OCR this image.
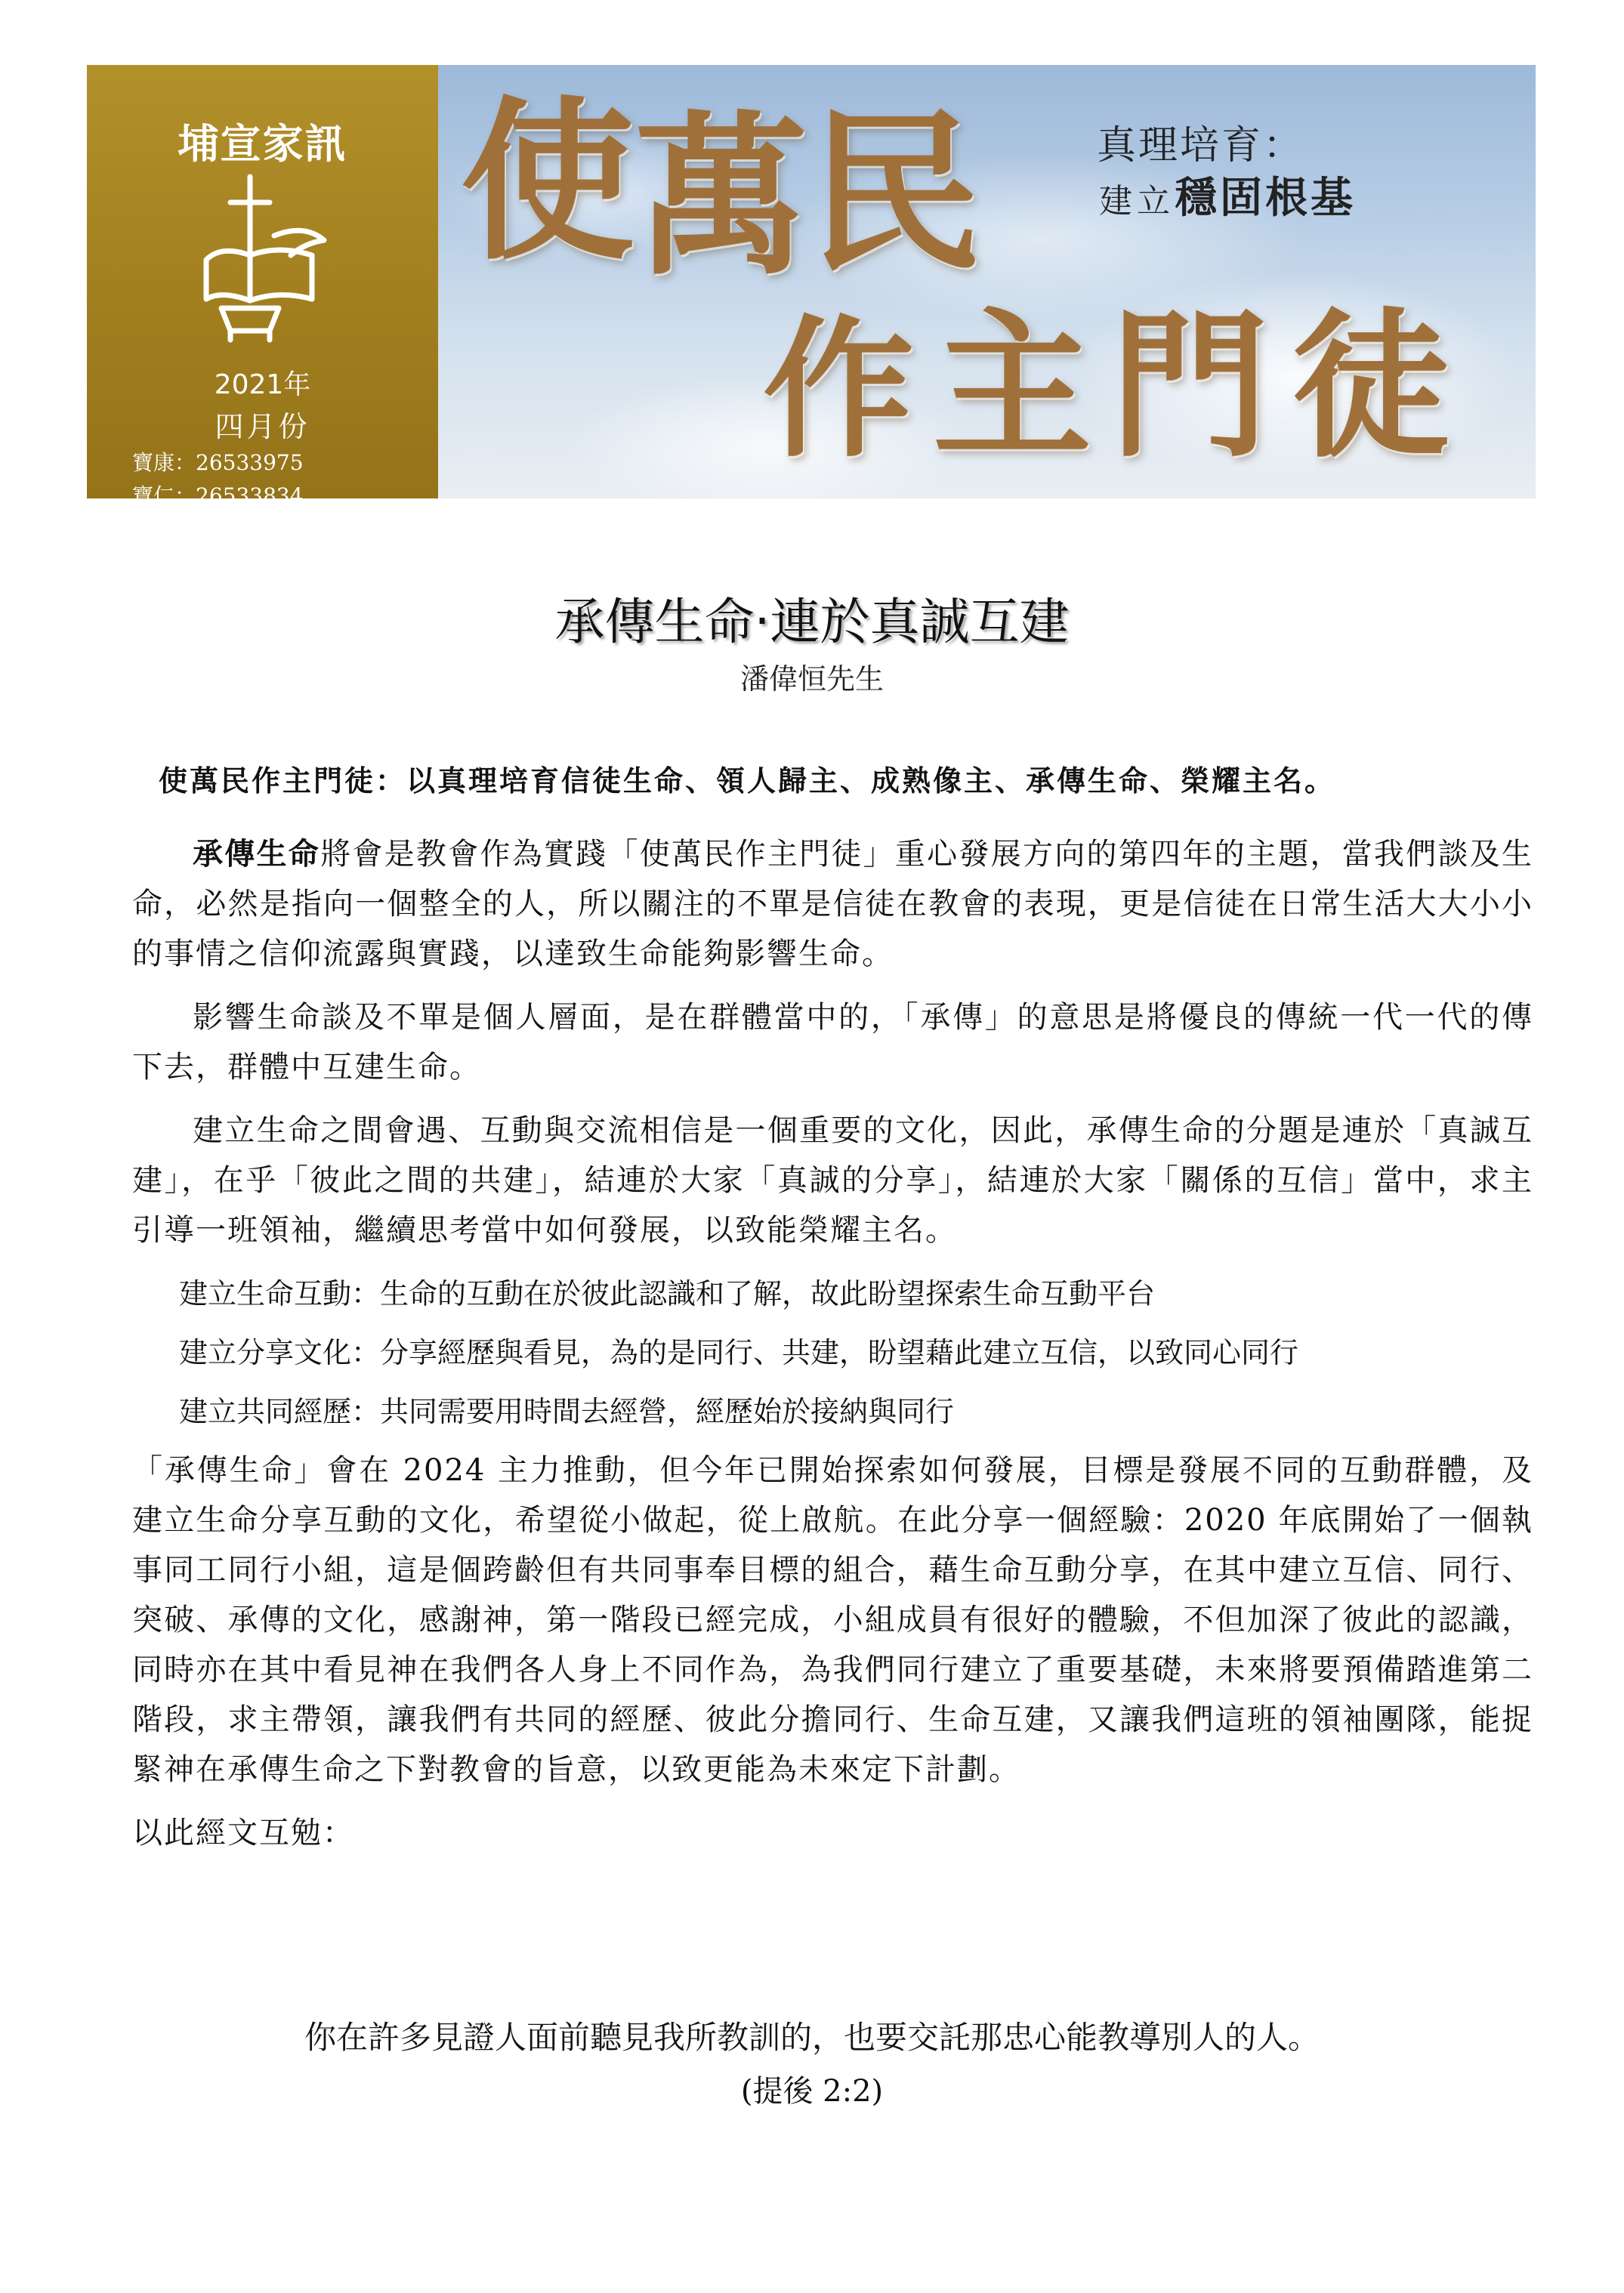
埔宣家訊
2021年
四月份
寶康：26533975
寶仁：26533834
網址：www.tpmac.org
使 萬 民
作 主 門 徒
真理培育：
建立穩固根基
承傳生命‧連於真誠互建
潘偉恒先生
使萬民作主門徒：以真理培育信徒生命、領人歸主、成熟像主、承傳生命、榮耀主名。

承傳生命將會是教會作為實踐「使萬民作主門徒」重心發展方向的第四年的主題，當我們談及生命，必然是指向一個整全的人，所以關注的不單是信徒在教會的表現，更是信徒在日常生活大大小小的事情之信仰流露與實踐，以達致生命能夠影響生命。

影響生命談及不單是個人層面，是在群體當中的，「承傳」的意思是將優良的傳統一代一代的傳下去，群體中互建生命。

建立生命之間會遇、互動與交流相信是一個重要的文化，因此，承傳生命的分題是連於「真誠互建」，在乎「彼此之間的共建」，結連於大家「真誠的分享」，結連於大家「關係的互信」當中，求主引導一班領袖，繼續思考當中如何發展，以致能榮耀主名。

建立生命互動：生命的互動在於彼此認識和了解，故此盼望探索生命互動平台
建立分享文化：分享經歷與看見，為的是同行、共建，盼望藉此建立互信，以致同心同行
建立共同經歷：共同需要用時間去經營，經歷始於接納與同行

「承傳生命」會在 2024 主力推動，但今年已開始探索如何發展，目標是發展不同的互動群體，及建立生命分享互動的文化，希望從小做起，從上啟航。在此分享一個經驗：2020 年底開始了一個執事同工同行小組，這是個跨齡但有共同事奉目標的組合，藉生命互動分享，在其中建立互信、同行、突破、承傳的文化，感謝神，第一階段已經完成，小組成員有很好的體驗，不但加深了彼此的認識，同時亦在其中看見神在我們各人身上不同作為，為我們同行建立了重要基礎，未來將要預備踏進第二階段，求主帶領，讓我們有共同的經歷、彼此分擔同行、生命互建，又讓我們這班的領袖團隊，能捉緊神在承傳生命之下對教會的旨意，以致更能為未來定下計劃。

以此經文互勉：

你在許多見證人面前聽見我所教訓的，也要交託那忠心能教導別人的人。
(提後 2:2)
